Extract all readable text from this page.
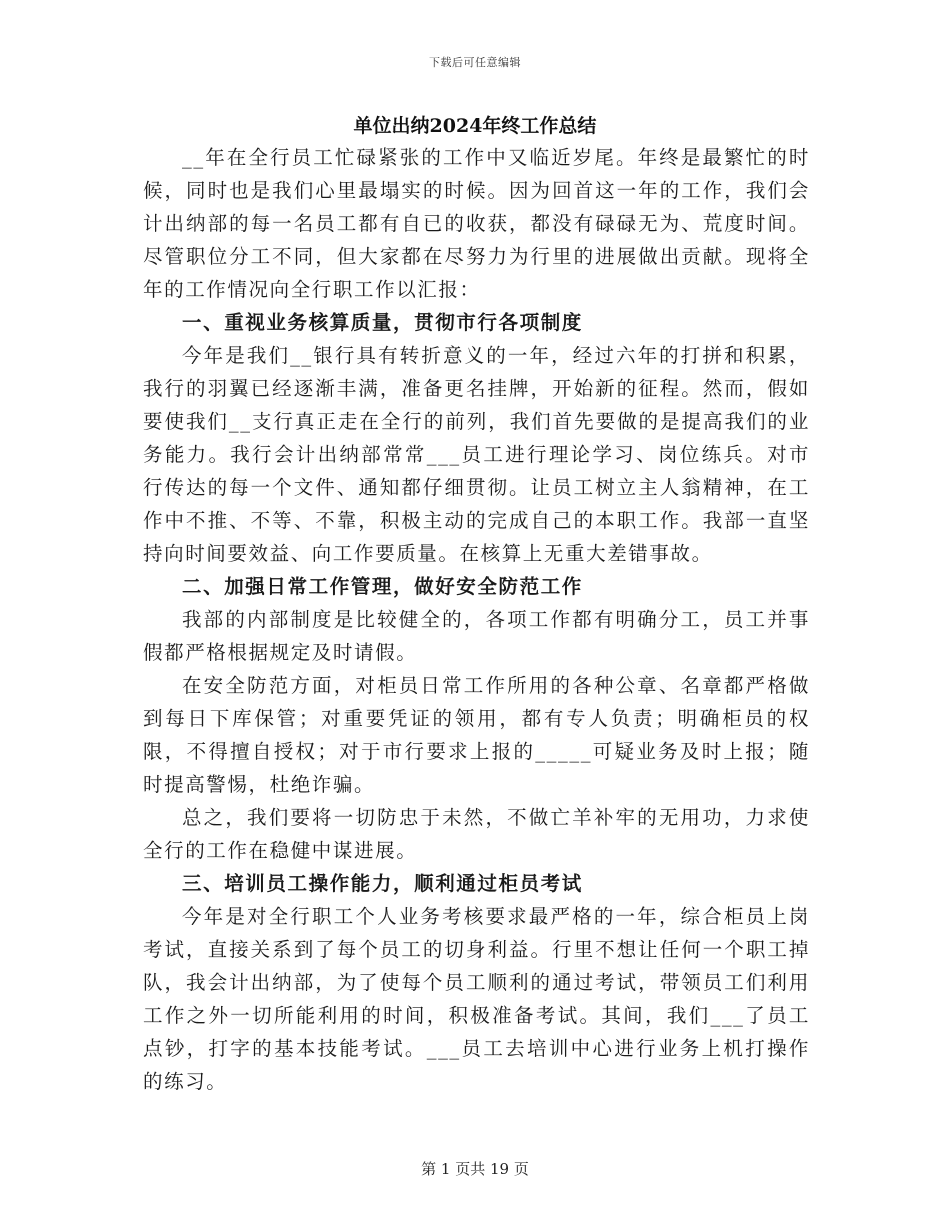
下载后可任意编辑
单位出纳2024年终工作总结

__年在全行员工忙碌紧张的工作中又临近岁尾。年终是最繁忙的时候，同时也是我们心里最塌实的时候。因为回首这一年的工作，我们会计出纳部的每一名员工都有自已的收获，都没有碌碌无为、荒度时间。尽管职位分工不同，但大家都在尽努力为行里的进展做出贡献。现将全年的工作情况向全行职工作以汇报：

一、重视业务核算质量，贯彻市行各项制度

今年是我们__银行具有转折意义的一年，经过六年的打拼和积累，我行的羽翼已经逐渐丰满，准备更名挂牌，开始新的征程。然而，假如要使我们__支行真正走在全行的前列，我们首先要做的是提高我们的业务能力。我行会计出纳部常常___员工进行理论学习、岗位练兵。对市行传达的每一个文件、通知都仔细贯彻。让员工树立主人翁精神，在工作中不推、不等、不靠，积极主动的完成自己的本职工作。我部一直坚持向时间要效益、向工作要质量。在核算上无重大差错事故。

二、加强日常工作管理，做好安全防范工作

我部的内部制度是比较健全的，各项工作都有明确分工，员工并事假都严格根据规定及时请假。

在安全防范方面，对柜员日常工作所用的各种公章、名章都严格做到每日下库保管；对重要凭证的领用，都有专人负责；明确柜员的权限，不得擅自授权；对于市行要求上报的_____可疑业务及时上报；随时提高警惕，杜绝诈骗。

总之，我们要将一切防忠于未然，不做亡羊补牢的无用功，力求使全行的工作在稳健中谋进展。

三、培训员工操作能力，顺利通过柜员考试

今年是对全行职工个人业务考核要求最严格的一年，综合柜员上岗考试，直接关系到了每个员工的切身利益。行里不想让任何一个职工掉队，我会计出纳部，为了使每个员工顺利的通过考试，带领员工们利用工作之外一切所能利用的时间，积极准备考试。其间，我们___了员工点钞，打字的基本技能考试。___员工去培训中心进行业务上机打操作的练习。

第 1 页共 19 页
